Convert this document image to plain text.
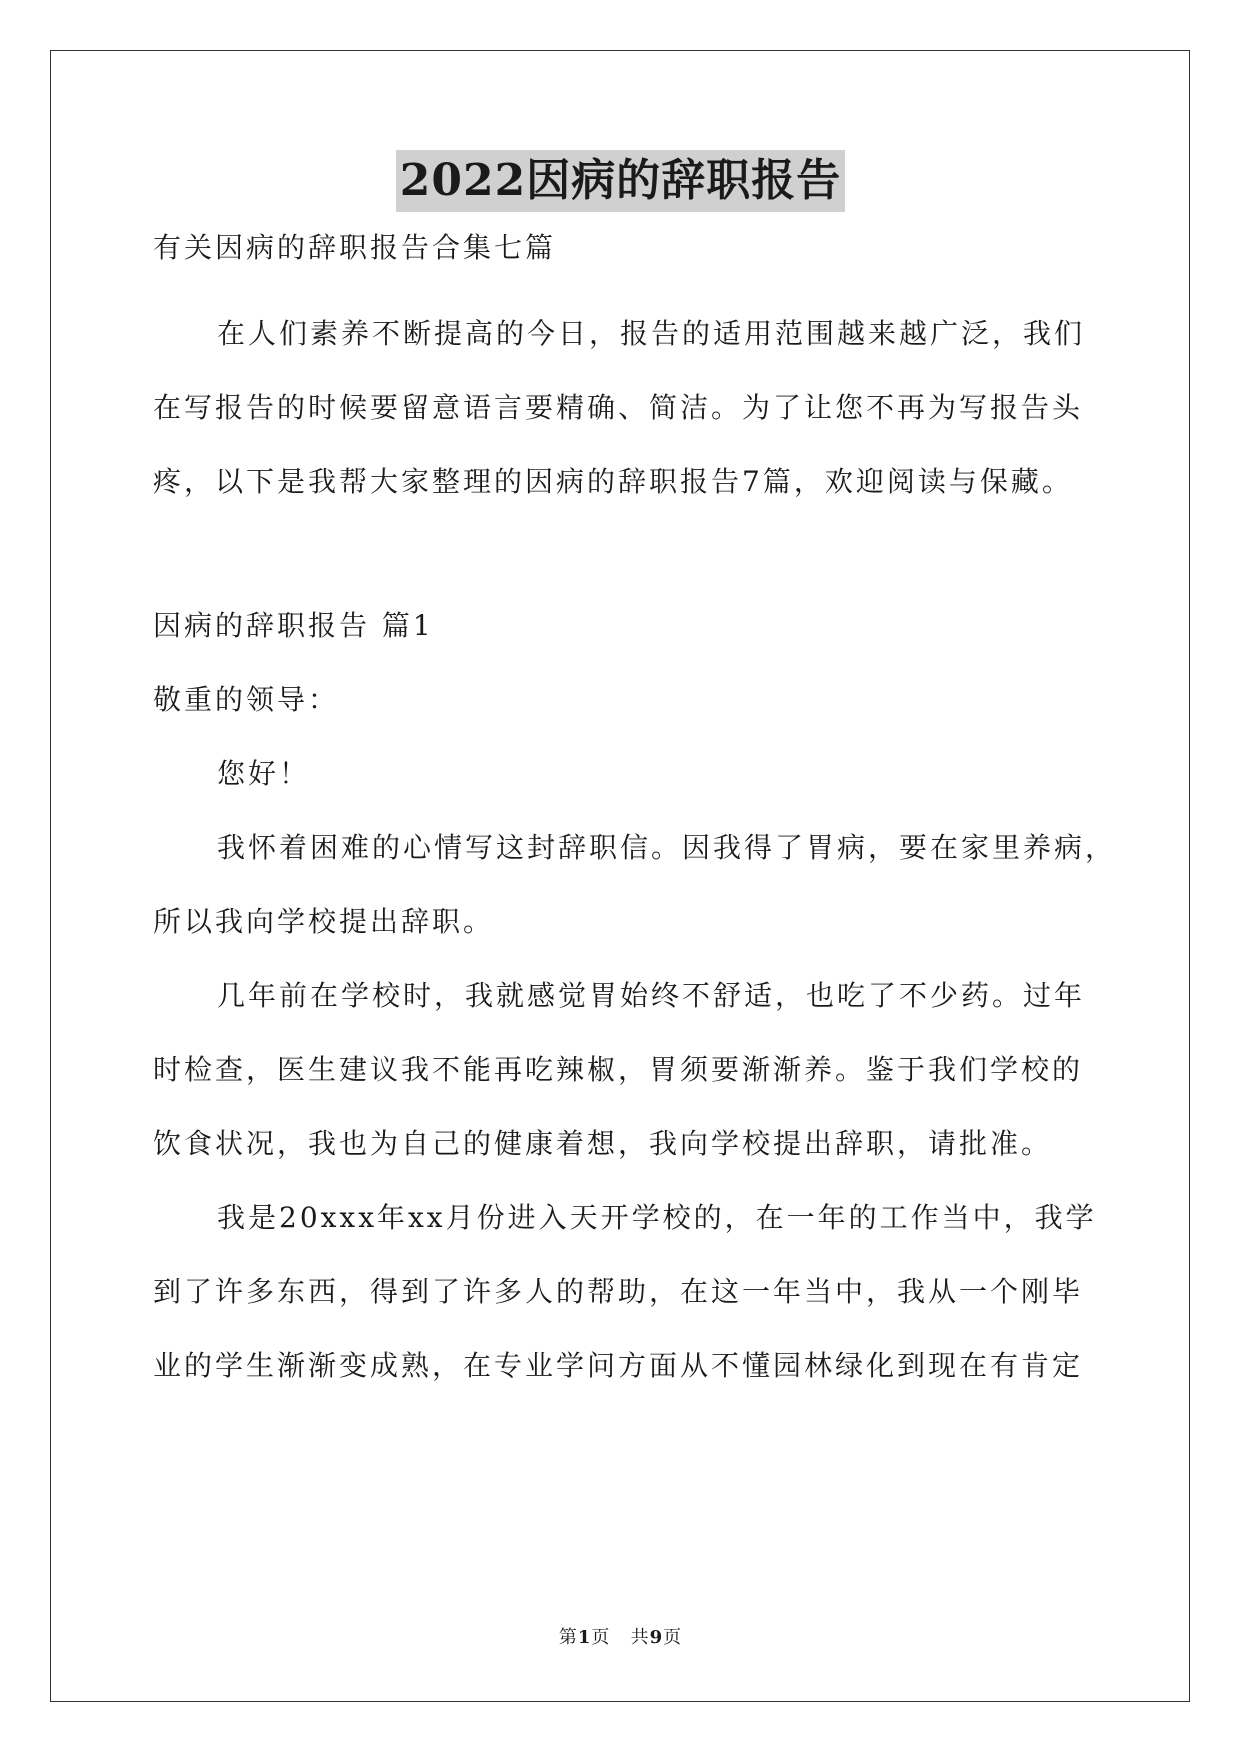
2022因病的辞职报告
有关因病的辞职报告合集七篇
在人们素养不断提高的今日，报告的适用范围越来越广泛，我们
在写报告的时候要留意语言要精确、简洁。为了让您不再为写报告头
疼，以下是我帮大家整理的因病的辞职报告7篇，欢迎阅读与保藏。
因病的辞职报告 篇1
敬重的领导：
您好！
我怀着困难的心情写这封辞职信。因我得了胃病，要在家里养病，
所以我向学校提出辞职。
几年前在学校时，我就感觉胃始终不舒适，也吃了不少药。过年
时检查，医生建议我不能再吃辣椒，胃须要渐渐养。鉴于我们学校的
饮食状况，我也为自己的健康着想，我向学校提出辞职，请批准。
我是20xxx年xx月份进入天开学校的，在一年的工作当中，我学
到了许多东西，得到了许多人的帮助，在这一年当中，我从一个刚毕
业的学生渐渐变成熟，在专业学问方面从不懂园林绿化到现在有肯定
第1页 共9页
